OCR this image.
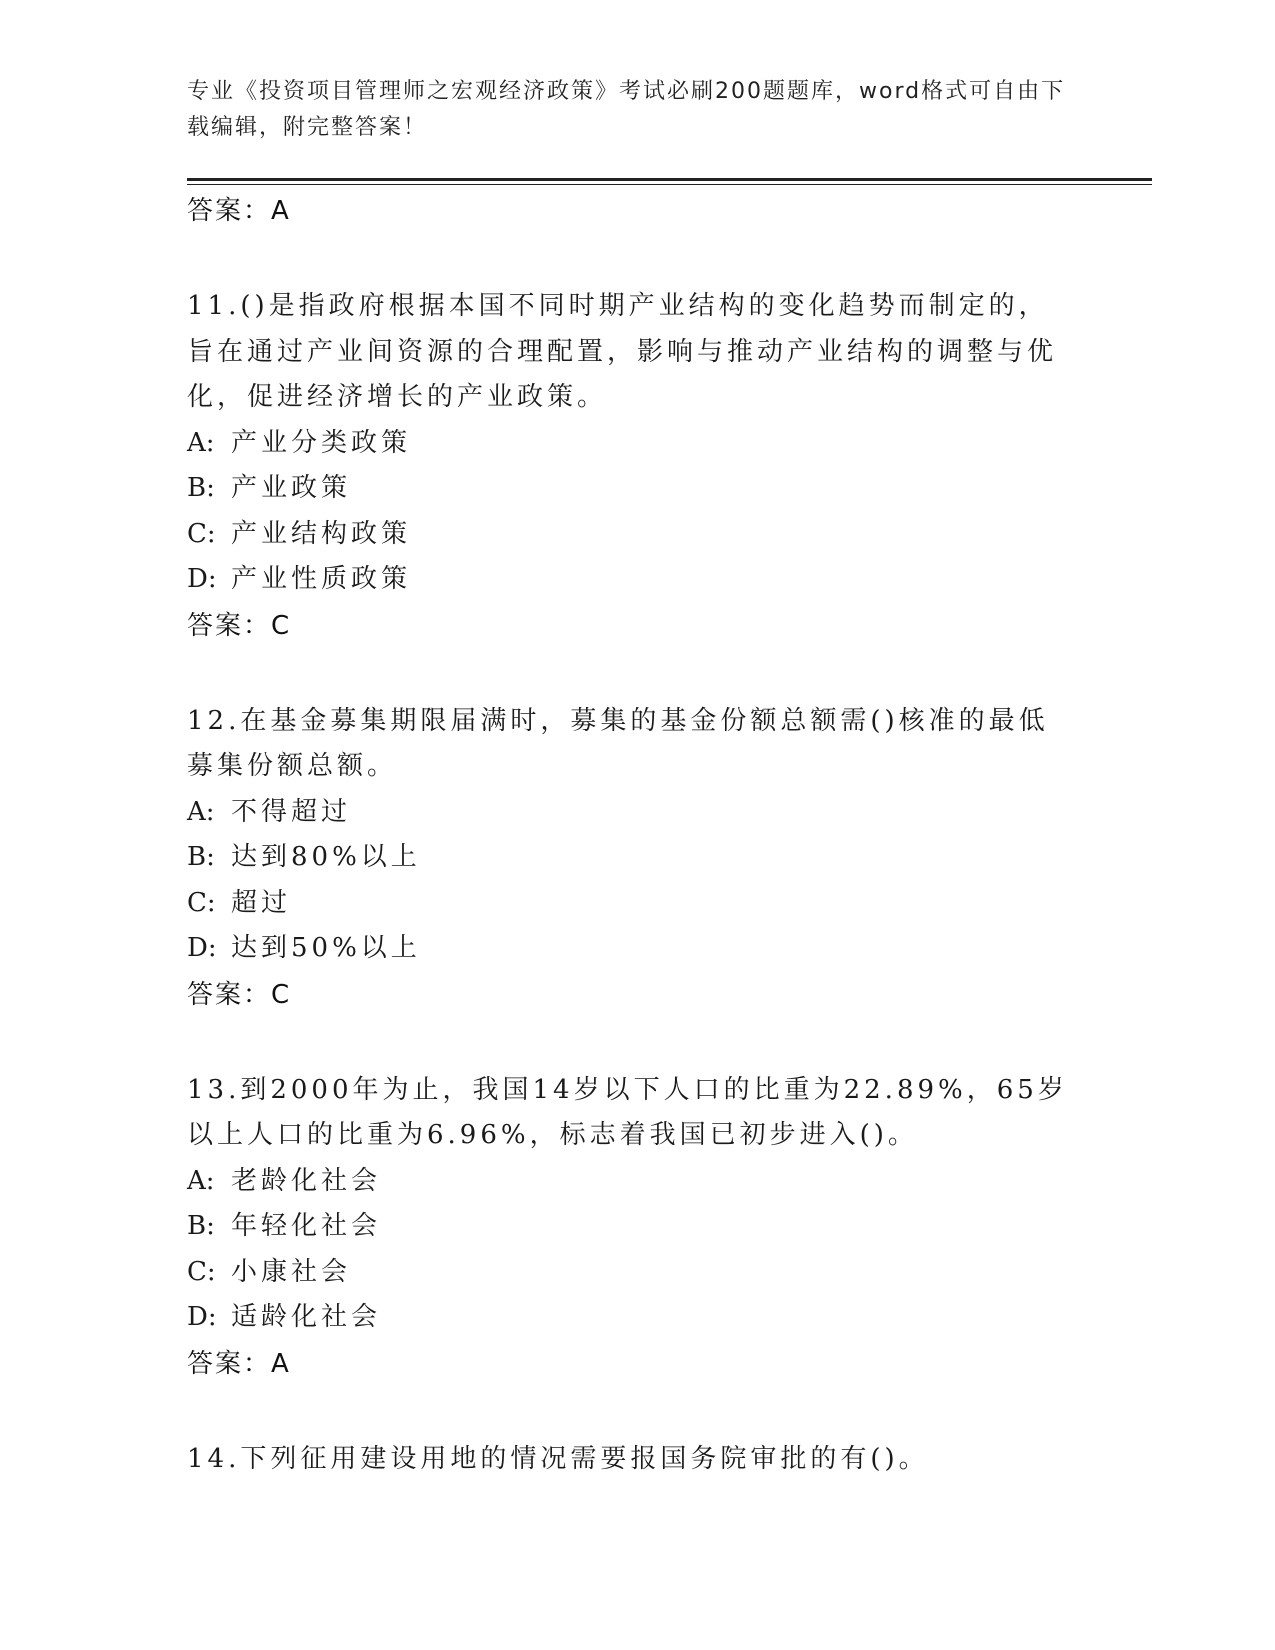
专业《投资项目管理师之宏观经济政策》考试必刷200题题库，word格式可自由下载编辑，附完整答案！

答案：A

11.()是指政府根据本国不同时期产业结构的变化趋势而制定的，旨在通过产业间资源的合理配置，影响与推动产业结构的调整与优化，促进经济增长的产业政策。

A: 产业分类政策

B: 产业政策

C: 产业结构政策

D: 产业性质政策

答案：C

12.在基金募集期限届满时，募集的基金份额总额需()核准的最低募集份额总额。

A: 不得超过

B: 达到80%以上

C: 超过

D: 达到50%以上

答案：C

13.到2000年为止，我国14岁以下人口的比重为22.89%，65岁以上人口的比重为6.96%，标志着我国已初步进入()。

A: 老龄化社会

B: 年轻化社会

C: 小康社会

D: 适龄化社会

答案：A

14.下列征用建设用地的情况需要报国务院审批的有()。
